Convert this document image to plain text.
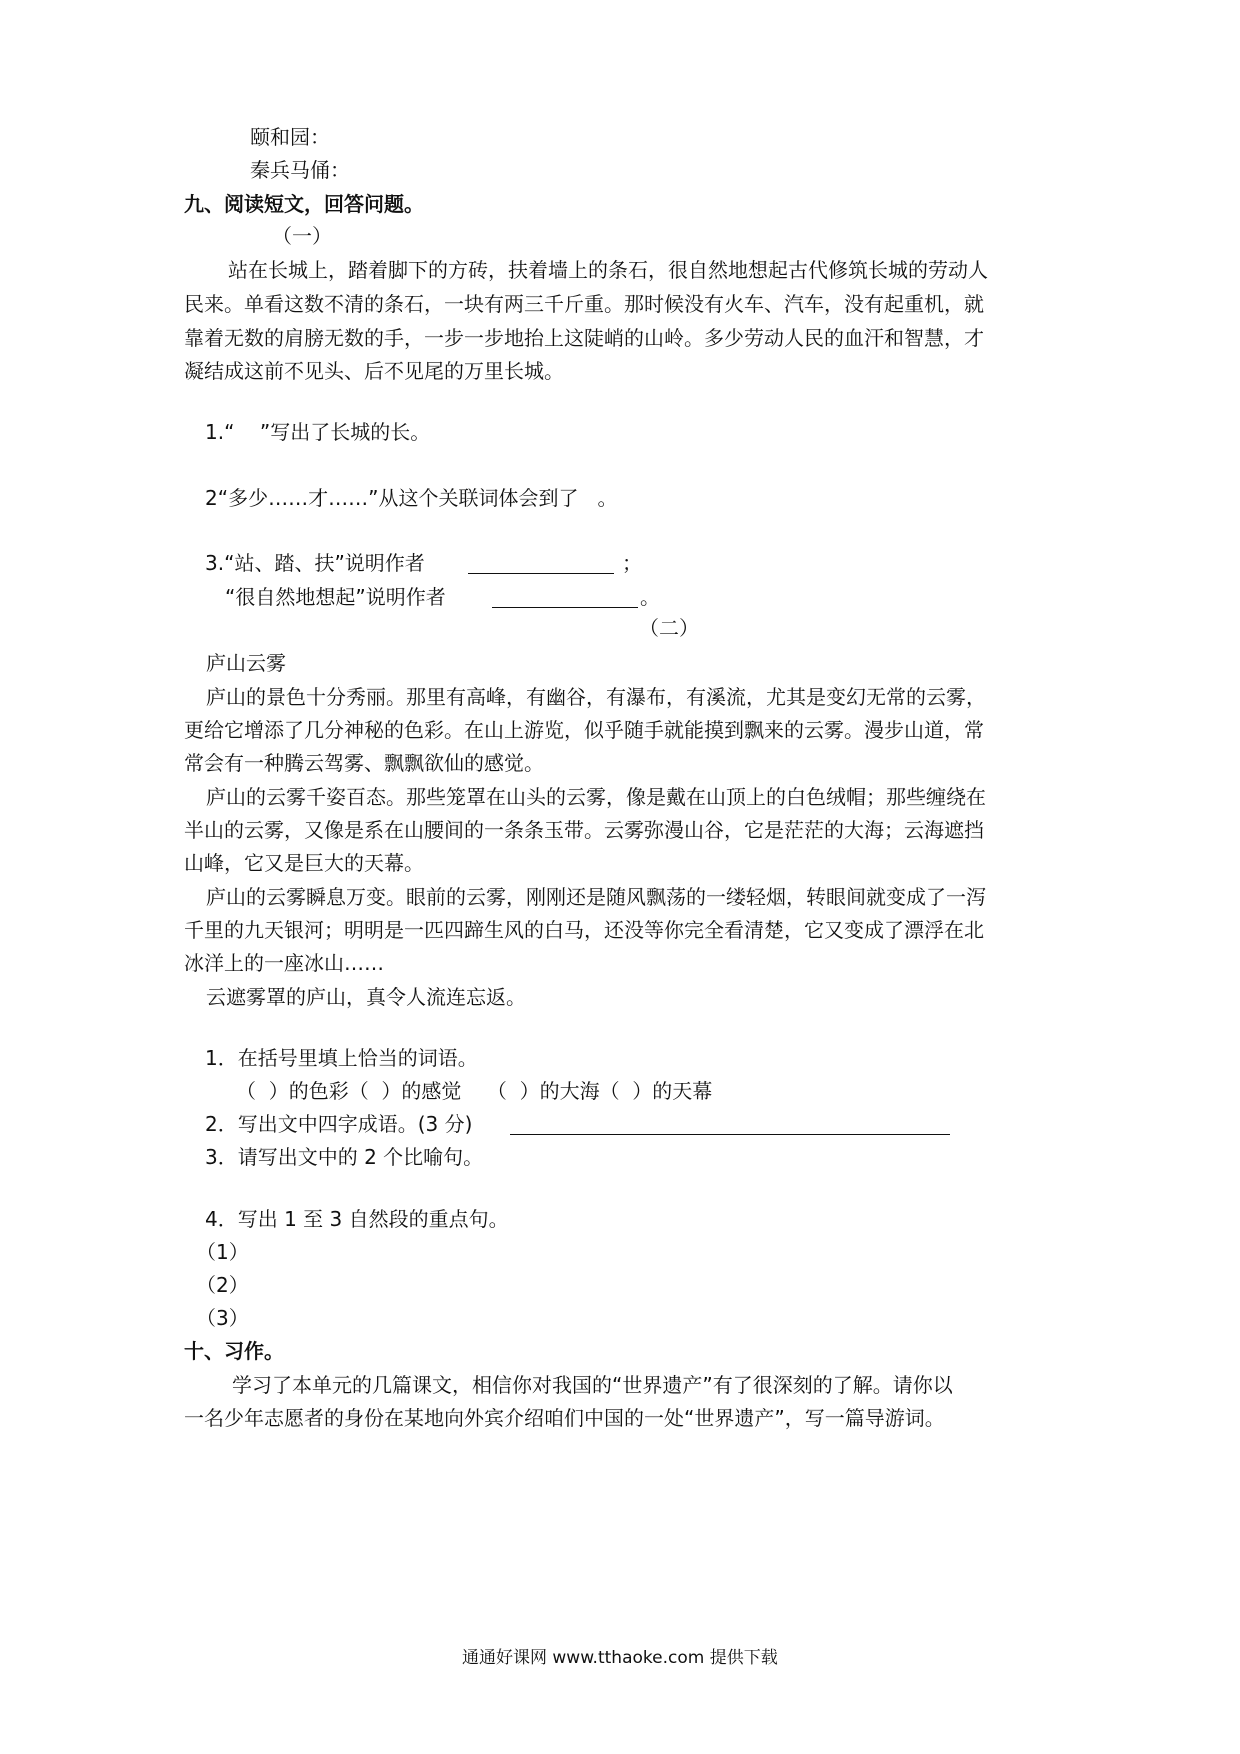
颐和园：
秦兵马俑：
九、阅读短文，回答问题。
（一）
站在长城上，踏着脚下的方砖，扶着墙上的条石，很自然地想起古代修筑长城的劳动人
民来。单看这数不清的条石，一块有两三千斤重。那时候没有火车、汽车，没有起重机，就
靠着无数的肩膀无数的手，一步一步地抬上这陡峭的山岭。多少劳动人民的血汗和智慧，才
凝结成这前不见头、后不见尾的万里长城。
1.“    ”写出了长城的长。
2“多少……才……”从这个关联词体会到了   。
3.“站、踏、扶”说明作者	；
“很自然地想起”说明作者	。
（二）
庐山云雾
庐山的景色十分秀丽。那里有高峰，有幽谷，有瀑布，有溪流，尤其是变幻无常的云雾，
更给它增添了几分神秘的色彩。在山上游览，似乎随手就能摸到飘来的云雾。漫步山道，常
常会有一种腾云驾雾、飘飘欲仙的感觉。
庐山的云雾千姿百态。那些笼罩在山头的云雾，像是戴在山顶上的白色绒帽；那些缠绕在
半山的云雾，又像是系在山腰间的一条条玉带。云雾弥漫山谷，它是茫茫的大海；云海遮挡
山峰，它又是巨大的天幕。
庐山的云雾瞬息万变。眼前的云雾，刚刚还是随风飘荡的一缕轻烟，转眼间就变成了一泻
千里的九天银河；明明是一匹四蹄生风的白马，还没等你完全看清楚，它又变成了漂浮在北
冰洋上的一座冰山……
云遮雾罩的庐山，真令人流连忘返。
1．在括号里填上恰当的词语。
（  ）的色彩（  ）的感觉    （  ）的大海（  ）的天幕
2．写出文中四字成语。(3 分)
3．请写出文中的 2 个比喻句。
4．写出 1 至 3 自然段的重点句。
（1）
（2）
（3）
十、习作。
学习了本单元的几篇课文，相信你对我国的“世界遗产”有了很深刻的了解。请你以
一名少年志愿者的身份在某地向外宾介绍咱们中国的一处“世界遗产”，写一篇导游词。
通通好课网 www.tthaoke.com 提供下载
